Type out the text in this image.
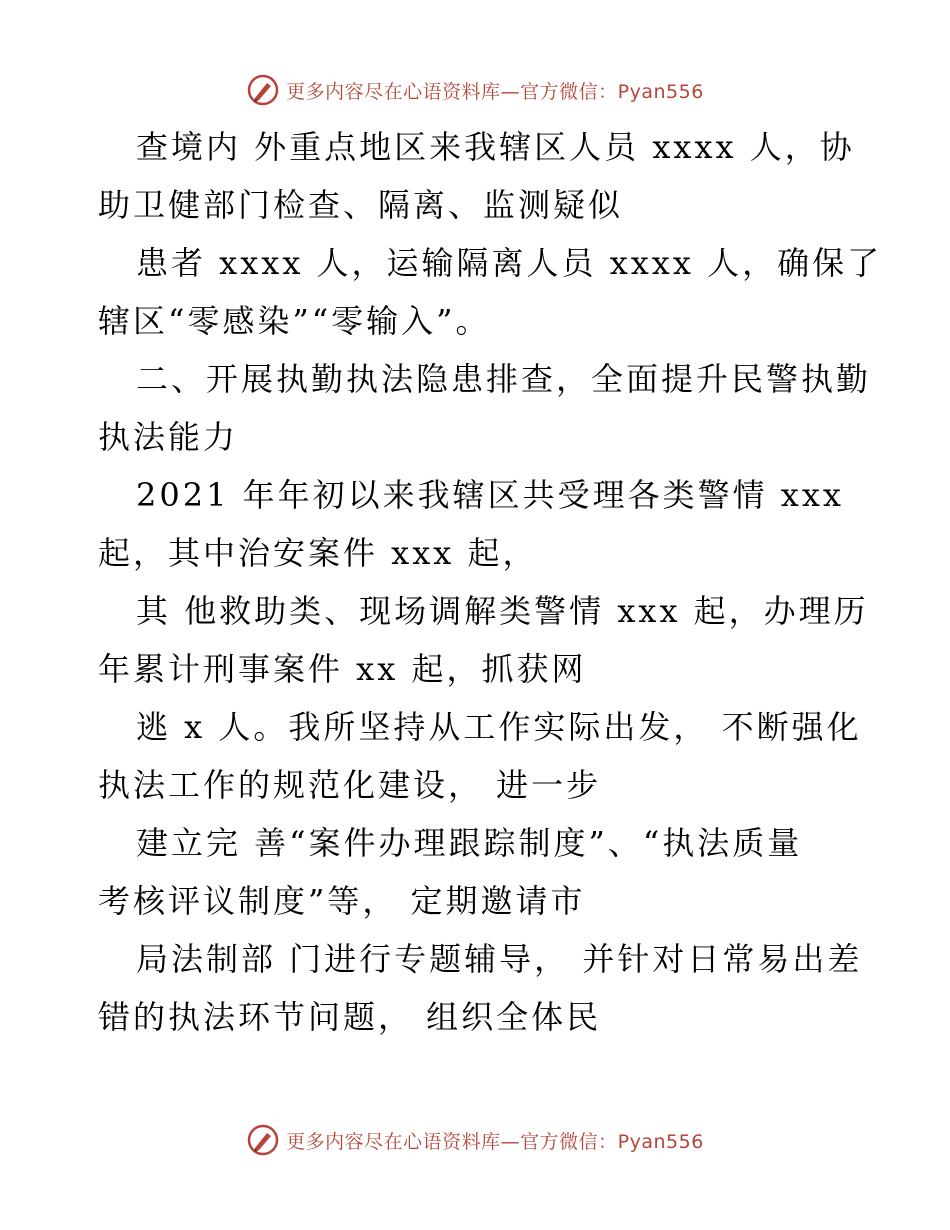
更多内容尽在心语资料库—官方微信：Pyan556
查境内 外重点地区来我辖区人员 xxxx 人，协
助卫健部门检查、隔离、监测疑似
患者 xxxx 人，运输隔离人员 xxxx 人，确保了
辖区“零感染”“零输入”。
二、开展执勤执法隐患排查，全面提升民警执勤
执法能力
2021 年年初以来我辖区共受理各类警情 xxx
起，其中治安案件 xxx 起，
其 他救助类、现场调解类警情 xxx 起，办理历
年累计刑事案件 xx 起，抓获网
逃 x 人。我所坚持从工作实际出发， 不断强化
执法工作的规范化建设， 进一步
建立完 善“案件办理跟踪制度”、“执法质量
考核评议制度”等， 定期邀请市
局法制部 门进行专题辅导， 并针对日常易出差
错的执法环节问题， 组织全体民
更多内容尽在心语资料库—官方微信：Pyan556
